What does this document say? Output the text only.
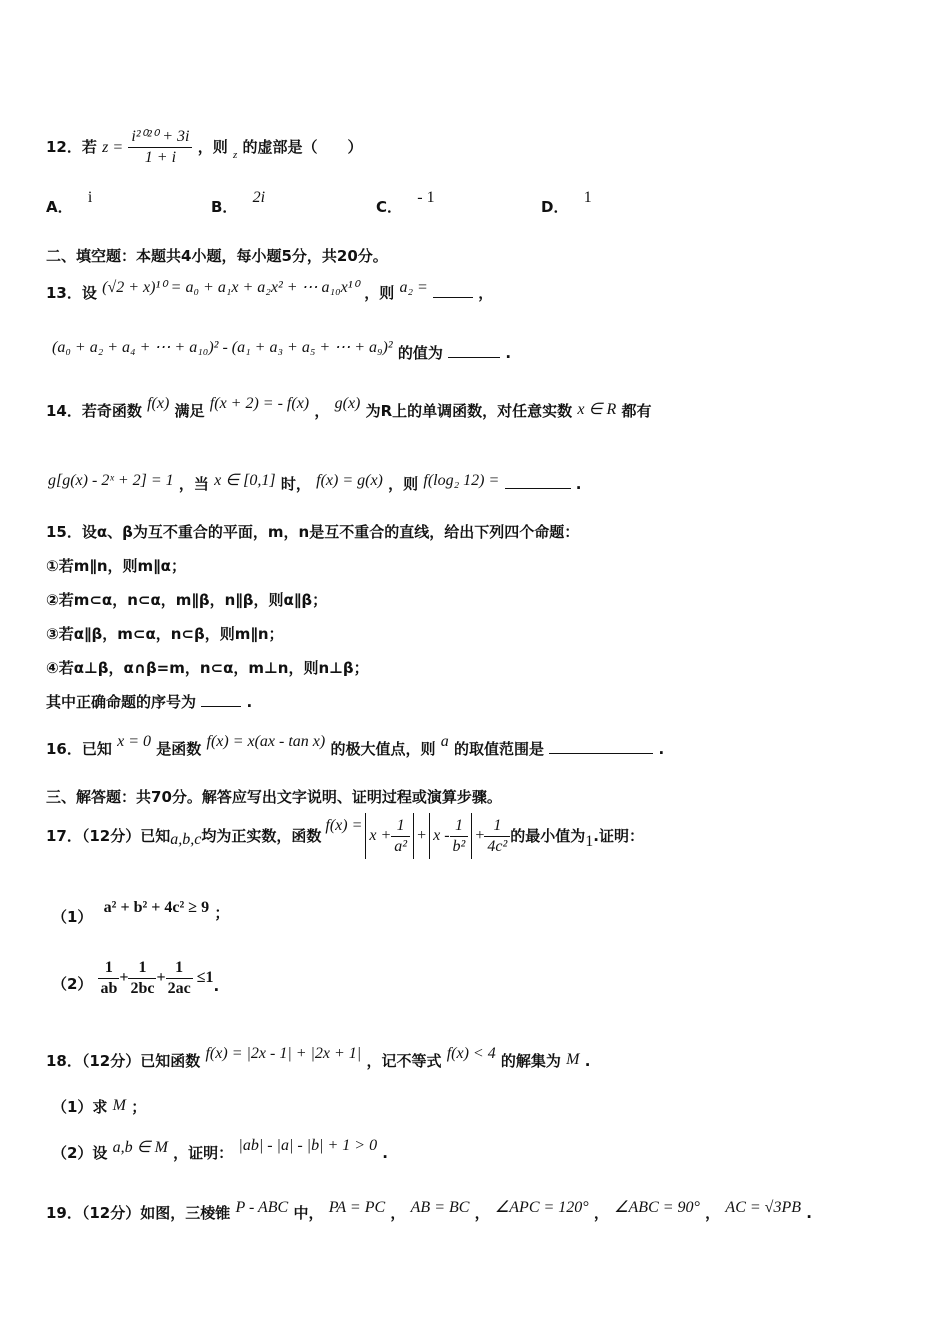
12．若 $z = \frac{\text{i²⁰²⁰ + 3i}}{1 + i}$ ，则 $_z$ 的虚部是（　　）
A． i
B． 2i
C． - 1
D． 1
二、填空题：本题共4小题，每小题5分，共20分。
13．设 (√2 + x)¹⁰ = a₀ + a₁x + a₂x² + ⋯ a₁₀x¹⁰ ，则 a₂ =	，
(a₀ + a₂ + a₄ + ⋯ + a₁₀)² - (a₁ + a₃ + a₅ + ⋯ + a₉)² 的值为	.
14．若奇函数 f(x) 满足 f(x + 2) = - f(x) ， g(x) 为R上的单调函数，对任意实数 x ∈ R 都有
g[g(x) - 2ˣ + 2] = 1 ，当 x ∈ [0,1] 时， f(x) = g(x) ，则 f(log₂ 12) =	.
15．设α、β为互不重合的平面，m，n是互不重合的直线，给出下列四个命题：
①若m∥n，则m∥α；
②若m⊂α，n⊂α，m∥β，n∥β，则α∥β；
③若α∥β，m⊂α，n⊂β，则m∥n；
④若α⊥β，α∩β=m，n⊂α，m⊥n，则n⊥β；
其中正确命题的序号为	.
16．已知 x = 0 是函数 f(x) = x(ax - tan x) 的极大值点，则 a 的取值范围是	.
三、解答题：共70分。解答应写出文字说明、证明过程或演算步骤。
17．（12分）已知 a,b,c 均为正实数，函数
f(x) =
$x + \frac{1}{\text{a²}} + x - \frac{1}{\text{b²}} + \frac{1}{\text{4c²}}$ 的最小值为 1 .证明：
（1） a² + b² + 4c² ≥ 9 ；
$(2) \frac{1}{ab} + \frac{1}{2bc} + \frac{1}{2ac} \le 1$ .
18．（12分）已知函数 f(x) = |2x - 1| + |2x + 1| ，记不等式 f(x) < 4 的解集为 M .
（1）求 M ；
（2）设 a,b ∈ M ，证明： |ab| - |a| - |b| + 1 > 0 .
19．（12分）如图，三棱锥 P - ABC 中， PA = PC ， AB = BC ， ∠APC = 120° ， ∠ABC = 90° ， AC = √3PB .
